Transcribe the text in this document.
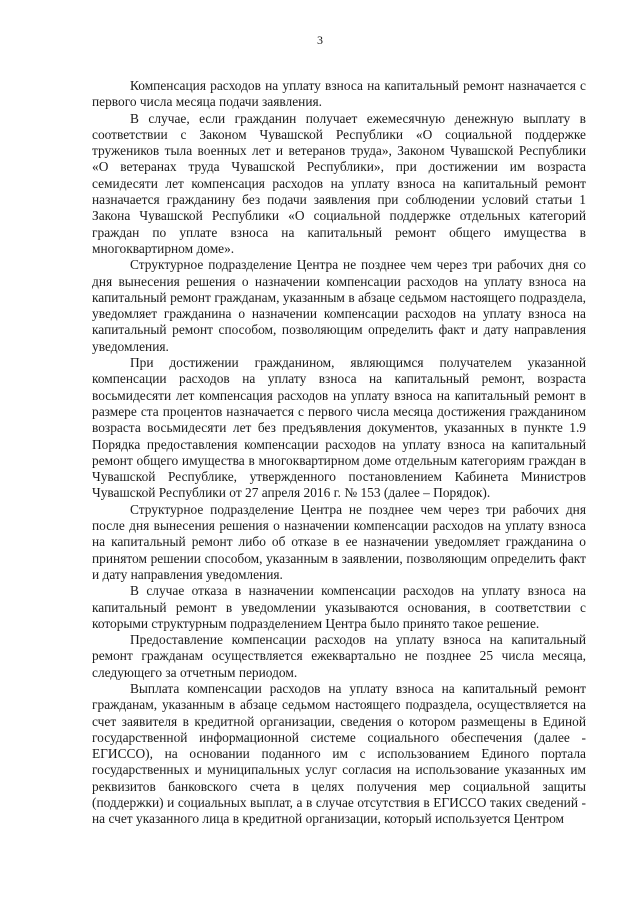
3

Компенсация расходов на уплату взноса на капитальный ремонт назначается с первого числа месяца подачи заявления.

В случае, если гражданин получает ежемесячную денежную выплату в соответствии с Законом Чувашской Республики «О социальной поддержке тружеников тыла военных лет и ветеранов труда», Законом Чувашской Республики «О ветеранах труда Чувашской Республики», при достижении им возраста семидесяти лет компенсация расходов на уплату взноса на капитальный ремонт назначается гражданину без подачи заявления при соблюдении условий статьи 1 Закона Чувашской Республики «О социальной поддержке отдельных категорий граждан по уплате взноса на капитальный ремонт общего имущества в многоквартирном доме».

Структурное подразделение Центра не позднее чем через три рабочих дня со дня вынесения решения о назначении компенсации расходов на уплату взноса на капитальный ремонт гражданам, указанным в абзаце седьмом настоящего подраздела, уведомляет гражданина о назначении компенсации расходов на уплату взноса на капитальный ремонт способом, позволяющим определить факт и дату направления уведомления.

При достижении гражданином, являющимся получателем указанной компенсации расходов на уплату взноса на капитальный ремонт, возраста восьмидесяти лет компенсация расходов на уплату взноса на капитальный ремонт в размере ста процентов назначается с первого числа месяца достижения гражданином возраста восьмидесяти лет без предъявления документов, указанных в пункте 1.9 Порядка предоставления компенсации расходов на уплату взноса на капитальный ремонт общего имущества в многоквартирном доме отдельным категориям граждан в Чувашской Республике, утвержденного постановлением Кабинета Министров Чувашской Республики от 27 апреля 2016 г. № 153 (далее – Порядок).

Структурное подразделение Центра не позднее чем через три рабочих дня после дня вынесения решения о назначении компенсации расходов на уплату взноса на капитальный ремонт либо об отказе в ее назначении уведомляет гражданина о принятом решении способом, указанным в заявлении, позволяющим определить факт и дату направления уведомления.

В случае отказа в назначении компенсации расходов на уплату взноса на капитальный ремонт в уведомлении указываются основания, в соответствии с которыми структурным подразделением Центра было принято такое решение.

Предоставление компенсации расходов на уплату взноса на капитальный ремонт гражданам осуществляется ежеквартально не позднее 25 числа месяца, следующего за отчетным периодом.

Выплата компенсации расходов на уплату взноса на капитальный ремонт гражданам, указанным в абзаце седьмом настоящего подраздела, осуществляется на счет заявителя в кредитной организации, сведения о котором размещены в Единой государственной информационной системе социального обеспечения (далее - ЕГИССО), на основании поданного им с использованием Единого портала государственных и муниципальных услуг согласия на использование указанных им реквизитов банковского счета в целях получения мер социальной защиты (поддержки) и социальных выплат, а в случае отсутствия в ЕГИССО таких сведений - на счет указанного лица в кредитной организации, который используется Центром
